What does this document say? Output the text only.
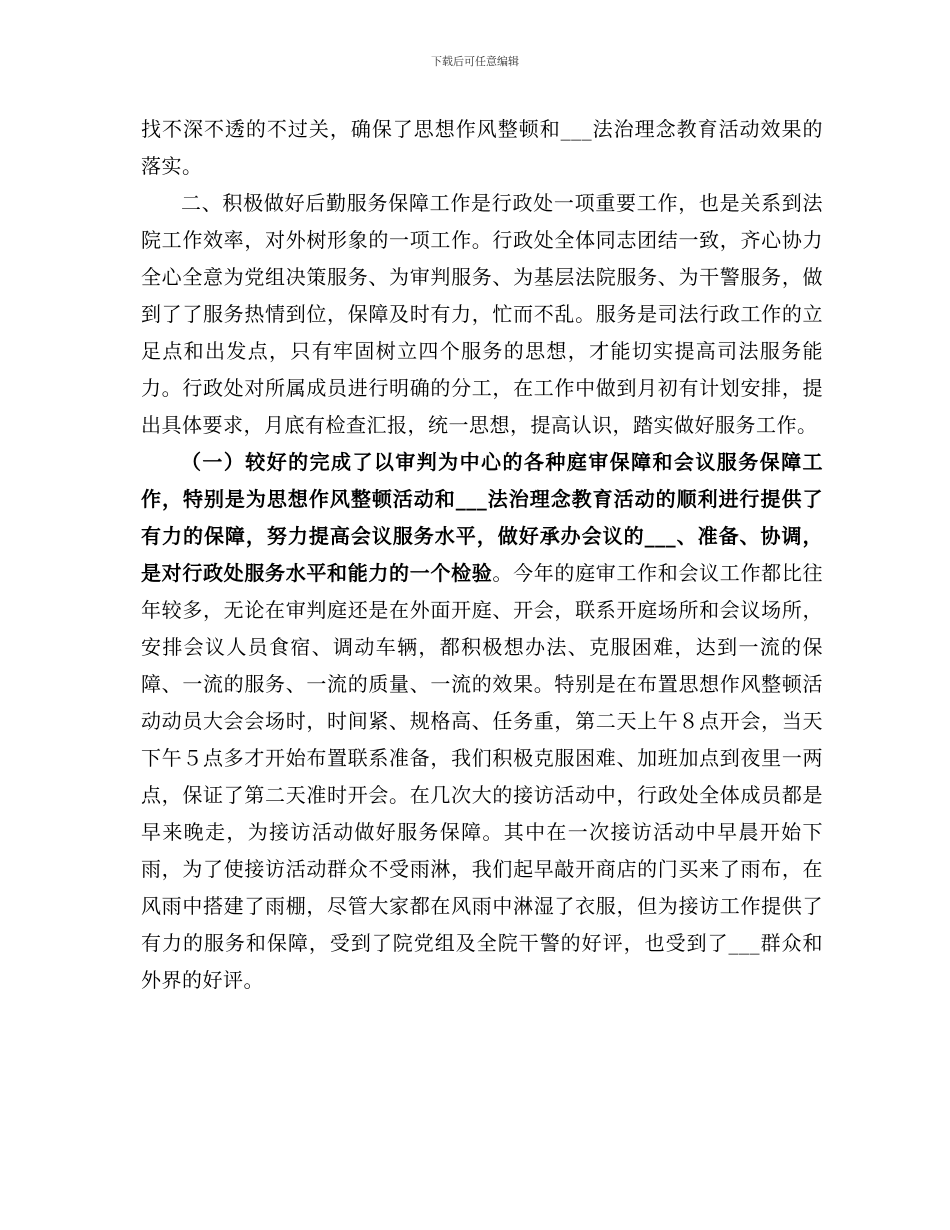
下载后可任意编辑

找不深不透的不过关，确保了思想作风整顿和___法治理念教育活动效果的落实。

二、积极做好后勤服务保障工作是行政处一项重要工作，也是关系到法院工作效率，对外树形象的一项工作。行政处全体同志团结一致，齐心协力全心全意为党组决策服务、为审判服务、为基层法院服务、为干警服务，做到了了服务热情到位，保障及时有力，忙而不乱。服务是司法行政工作的立足点和出发点，只有牢固树立四个服务的思想，才能切实提高司法服务能力。行政处对所属成员进行明确的分工，在工作中做到月初有计划安排，提出具体要求，月底有检查汇报，统一思想，提高认识，踏实做好服务工作。

（一）较好的完成了以审判为中心的各种庭审保障和会议服务保障工作，特别是为思想作风整顿活动和___法治理念教育活动的顺利进行提供了有力的保障，努力提高会议服务水平，做好承办会议的___、准备、协调，是对行政处服务水平和能力的一个检验。今年的庭审工作和会议工作都比往年较多，无论在审判庭还是在外面开庭、开会，联系开庭场所和会议场所，安排会议人员食宿、调动车辆，都积极想办法、克服困难，达到一流的保障、一流的服务、一流的质量、一流的效果。特别是在布置思想作风整顿活动动员大会会场时，时间紧、规格高、任务重，第二天上午８点开会，当天下午５点多才开始布置联系准备，我们积极克服困难、加班加点到夜里一两点，保证了第二天准时开会。在几次大的接访活动中，行政处全体成员都是早来晚走，为接访活动做好服务保障。其中在一次接访活动中早晨开始下雨，为了使接访活动群众不受雨淋，我们起早敲开商店的门买来了雨布，在风雨中搭建了雨棚，尽管大家都在风雨中淋湿了衣服，但为接访工作提供了有力的服务和保障，受到了院党组及全院干警的好评，也受到了___群众和外界的好评。
